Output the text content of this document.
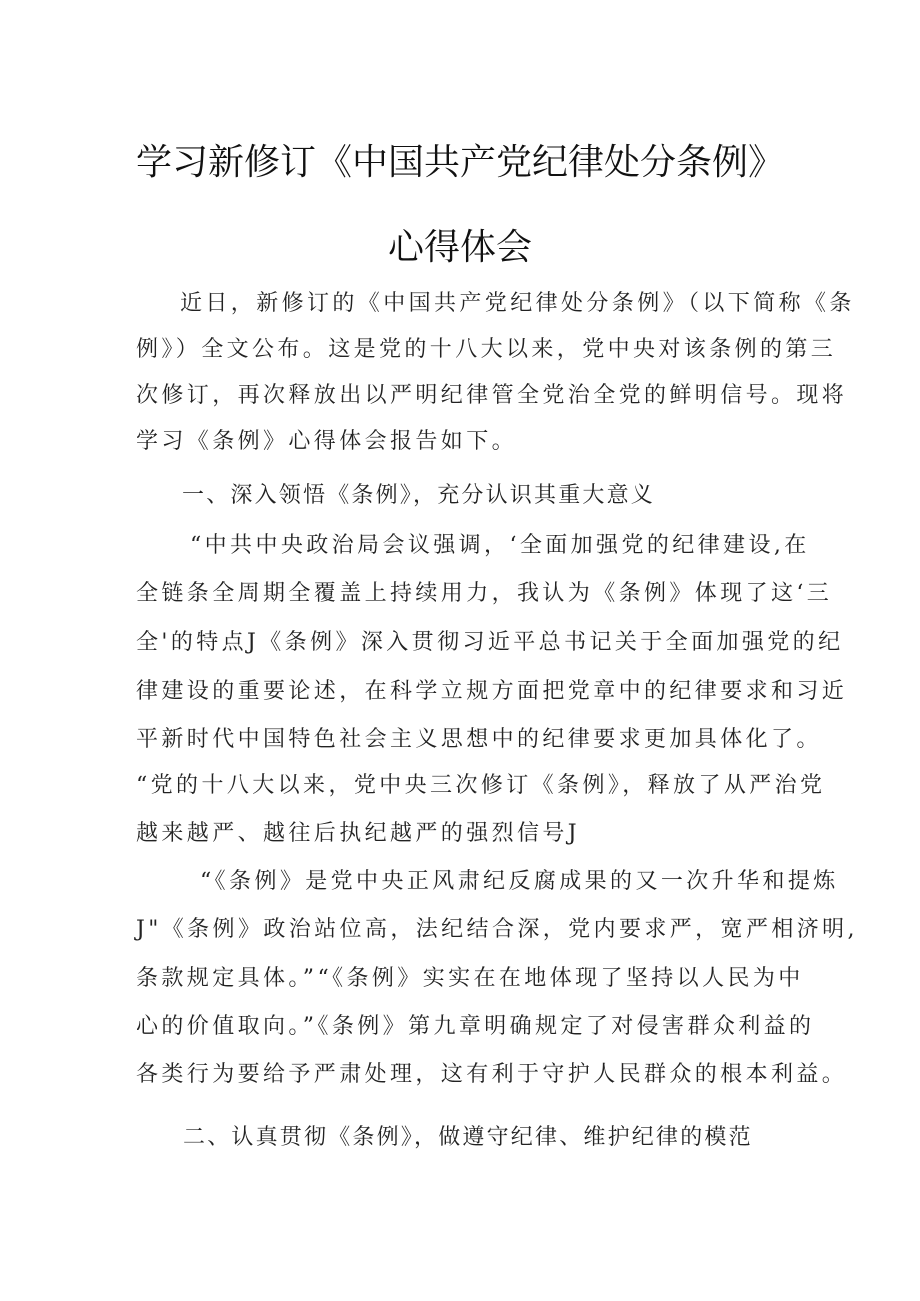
学习新修订《中国共产党纪律处分条例》
心得体会
近日，新修订的《中国共产党纪律处分条例》（以下简称《条
例》）全文公布。这是党的十八大以来，党中央对该条例的第三
次修订，再次释放出以严明纪律管全党治全党的鲜明信号。现将
学习《条例》心得体会报告如下。
一、深入领悟《条例》，充分认识其重大意义
“中共中央政治局会议强调，‘全面加强党的纪律建设,在
全链条全周期全覆盖上持续用力，我认为《条例》体现了这‘三
全'的特点J《条例》深入贯彻习近平总书记关于全面加强党的纪
律建设的重要论述，在科学立规方面把党章中的纪律要求和习近
平新时代中国特色社会主义思想中的纪律要求更加具体化了。
“党的十八大以来，党中央三次修订《条例》，释放了从严治党
越来越严、越往后执纪越严的强烈信号J
“《条例》是党中央正风肃纪反腐成果的又一次升华和提炼
J"《条例》政治站位高，法纪结合深，党内要求严，宽严相济明,
条款规定具体。”“《条例》实实在在地体现了坚持以人民为中
心的价值取向。”《条例》第九章明确规定了对侵害群众利益的
各类行为要给予严肃处理，这有利于守护人民群众的根本利益。
二、认真贯彻《条例》，做遵守纪律、维护纪律的模范
